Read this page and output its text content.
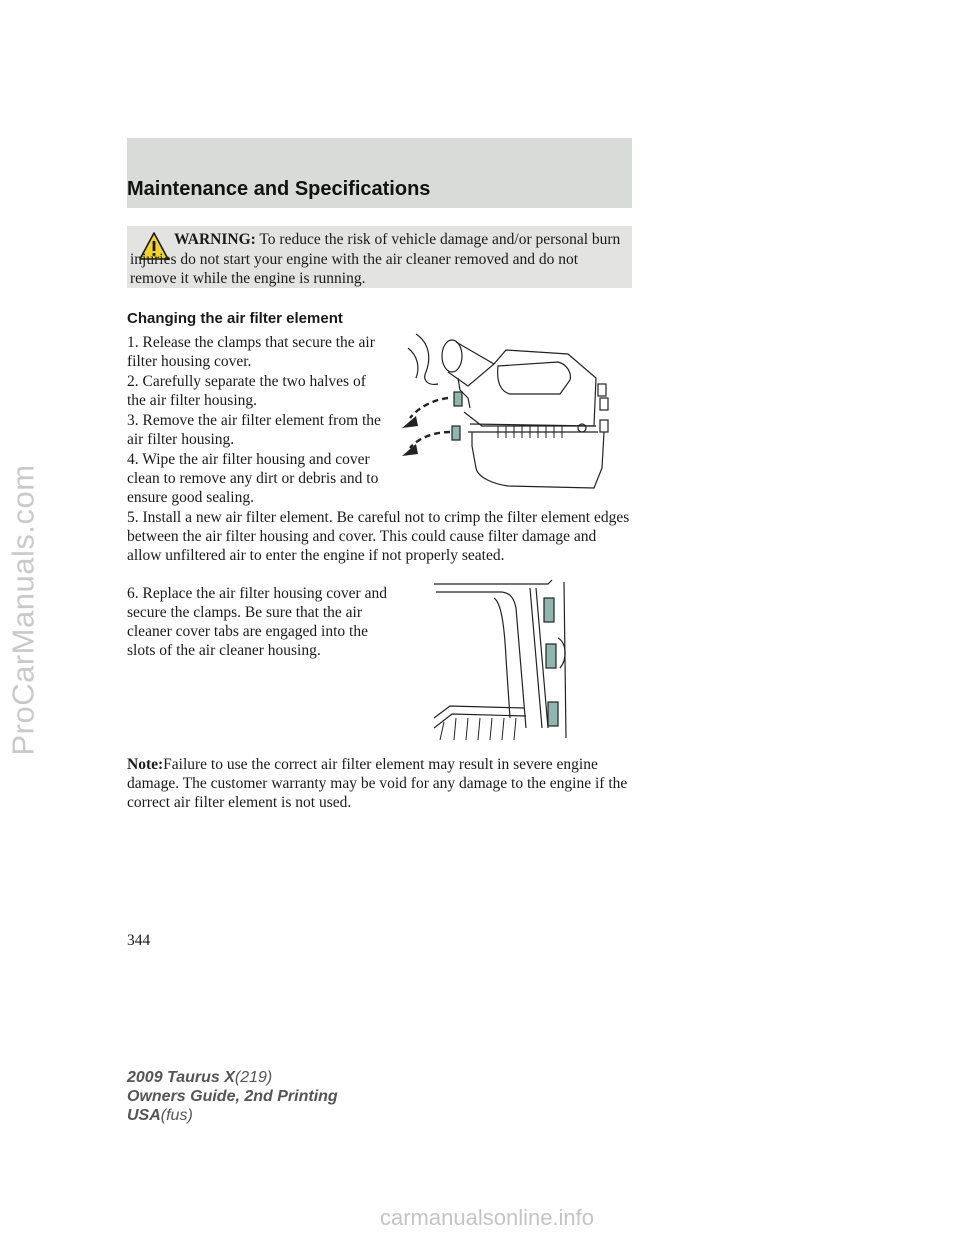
ProCarManuals.com
Maintenance and Specifications
WARNING: To reduce the risk of vehicle damage and/or personal burn injuries do not start your engine with the air cleaner removed and do not remove it while the engine is running.
Changing the air filter element
1. Release the clamps that secure the air filter housing cover.
2. Carefully separate the two halves of the air filter housing.
3. Remove the air filter element from the air filter housing.
4. Wipe the air filter housing and cover clean to remove any dirt or debris and to ensure good sealing.
5. Install a new air filter element. Be careful not to crimp the filter element edges between the air filter housing and cover. This could cause filter damage and allow unfiltered air to enter the engine if not properly seated.
6. Replace the air filter housing cover and secure the clamps. Be sure that the air cleaner cover tabs are engaged into the slots of the air cleaner housing.
Note:Failure to use the correct air filter element may result in severe engine damage. The customer warranty may be void for any damage to the engine if the correct air filter element is not used.
344
2009 Taurus X(219)
Owners Guide, 2nd Printing
USA(fus)
carmanualsonline.info
